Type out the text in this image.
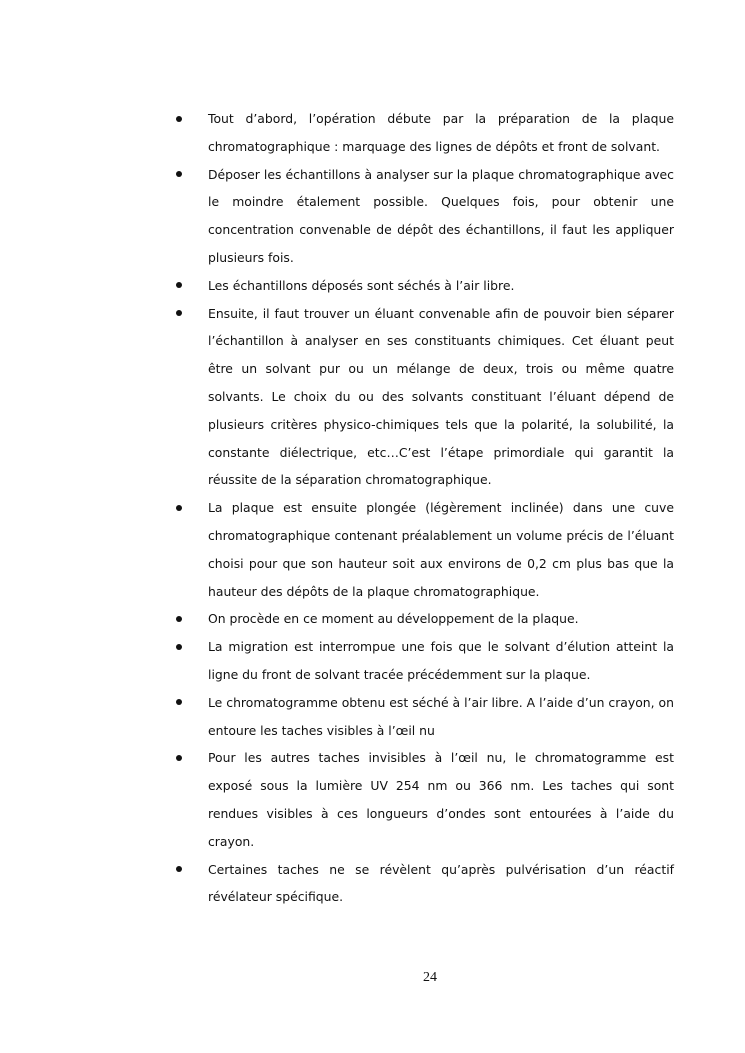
Tout d’abord, l’opération débute par la préparation de la plaque chromatographique : marquage des lignes de dépôts et front de solvant.
Déposer les échantillons à analyser sur la plaque chromatographique avec le moindre étalement possible. Quelques fois, pour obtenir une concentration convenable de dépôt des échantillons, il faut les appliquer plusieurs fois.
Les échantillons déposés sont séchés à l’air libre.
Ensuite, il faut trouver un éluant convenable afin de pouvoir bien séparer l’échantillon à analyser en ses constituants chimiques. Cet éluant peut être un solvant pur ou un mélange de deux, trois ou même quatre solvants. Le choix du ou des solvants constituant l’éluant dépend de plusieurs critères physico-chimiques tels que la polarité, la solubilité, la constante diélectrique, etc…C’est l’étape primordiale qui garantit la réussite de la séparation chromatographique.
La plaque est ensuite plongée (légèrement inclinée) dans une cuve chromatographique contenant préalablement un volume précis de l’éluant choisi pour que son hauteur soit aux environs de 0,2 cm plus bas que la hauteur des dépôts de la plaque chromatographique.
On procède en ce moment au développement de la plaque.
La migration est interrompue une fois que le solvant d’élution atteint la ligne du front de solvant tracée précédemment sur la plaque.
Le chromatogramme obtenu est séché à l’air libre. A l’aide d’un crayon, on entoure les taches visibles à l’œil nu
Pour les autres taches invisibles à l’œil nu, le chromatogramme est exposé sous la lumière UV 254 nm ou 366 nm. Les taches qui sont rendues visibles à ces longueurs d’ondes sont entourées à l’aide du crayon.
Certaines taches ne se révèlent qu’après pulvérisation d’un réactif révélateur spécifique.
24
